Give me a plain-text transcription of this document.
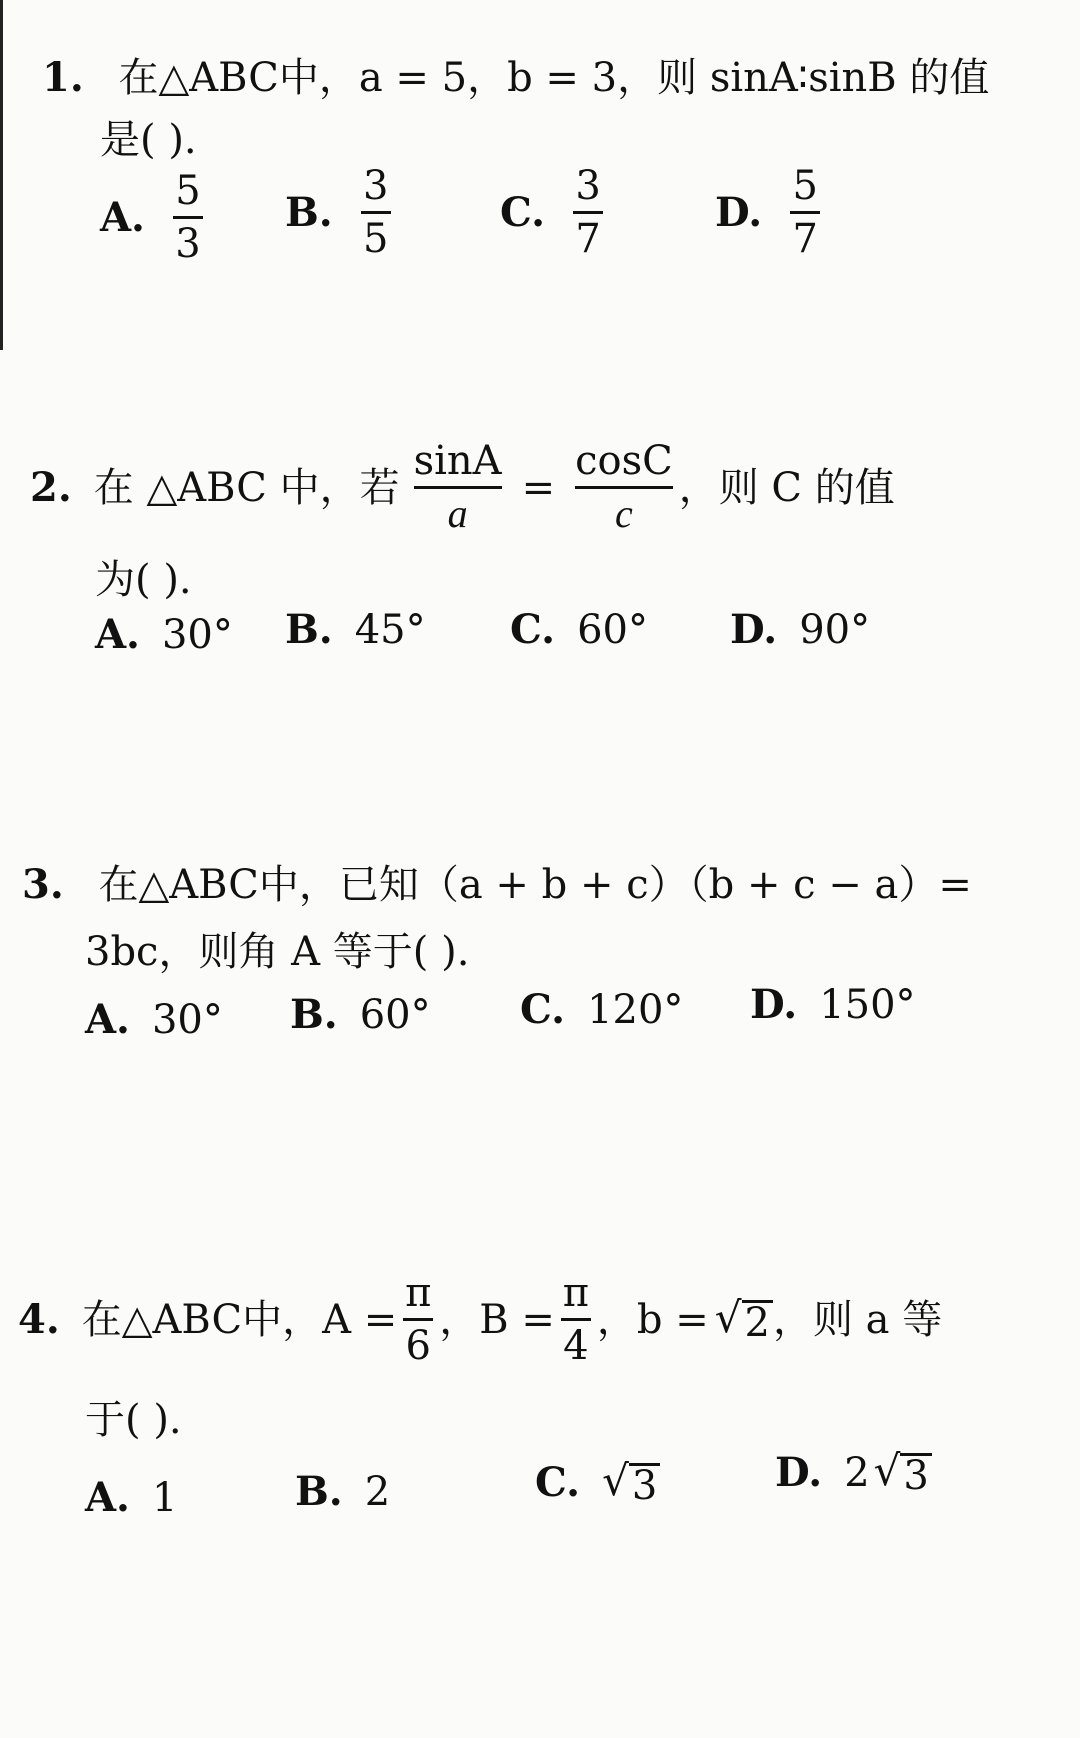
1. 在△ABC中，a = 5，b = 3，则 sinA∶sinB 的值
是( ).
A. $\frac{5}{3} B$. $\frac{3}{5}$	C. $\frac{3}{7}$	D. $\frac{5}{7}$
2. 在 △ABC 中，若 $\frac{\sin A}{a} = \frac{\cos C}{c}$ ，则 C 的值
为( ).
A. 30° B. 45° C. 60° D. 90°
3. 在△ABC中，已知（a + b + c）（b + c − a）=
3bc，则角 A 等于( ).
A. 30° B. 60° C. 120° D. 150°
4. 在△ABC中，$A = \frac{\pi}{6}$ ，$B = \frac{\pi}{4}$ ，b = √ 2 ，则 a 等
于( ).
A. 1	B. 2	C. √ 3	D. 2 √ 3
